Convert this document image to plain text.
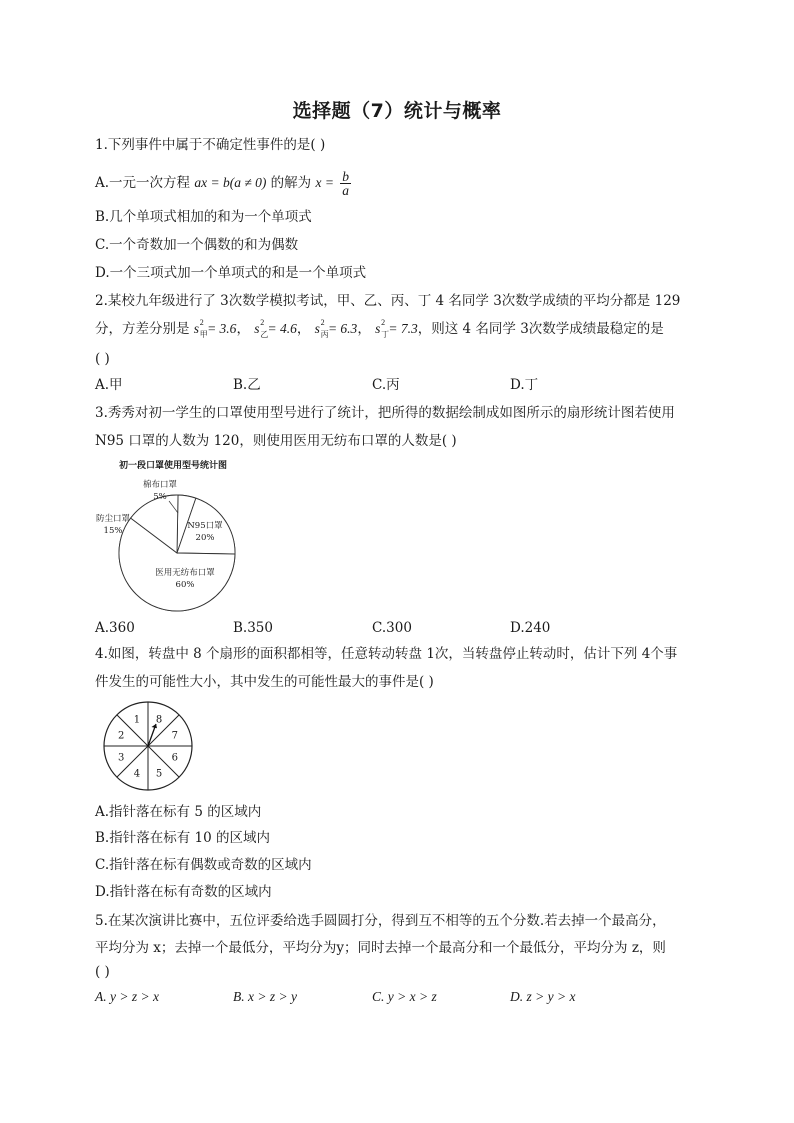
选择题（7）统计与概率
1.下列事件中属于不确定性事件的是( )
A.一元一次方程 ax = b(a ≠ 0) 的解为 $x = \frac{b}{a}$
B.几个单项式相加的和为一个单项式
C.一个奇数加一个偶数的和为偶数
D.一个三项式加一个单项式的和是一个单项式
2.某校九年级进行了 3次数学模拟考试，甲、乙、丙、丁 4 名同学 3次数学成绩的平均分都是 129
分，方差分别是 s 2
甲 = 3.6， s 2
乙 = 4.6， s 2
丙 = 6.3， s 2
丁 = 7.3，则这 4 名同学 3次数学成绩最稳定的是
( )
A.甲	B.乙	C.丙	D.丁
3.秀秀对初一学生的口罩使用型号进行了统计，把所得的数据绘制成如图所示的扇形统计图若使用
N95 口罩的人数为 120，则使用医用无纺布口罩的人数是( )
初一段口罩使用型号统计图
棉布口罩
5%
N95口罩
20%
医用无纺布口罩
60%
防尘口罩
15%
A.360	B.350	C.300	D.240
4.如图，转盘中 8 个扇形的面积都相等，任意转动转盘 1次，当转盘停止转动时，估计下列 4个事
件发生的可能性大小，其中发生的可能性最大的事件是( )
8
7
6
5
4
3
2
1
A.指针落在标有 5 的区域内
B.指针落在标有 10 的区域内
C.指针落在标有偶数或奇数的区域内
D.指针落在标有奇数的区域内
5.在某次演讲比赛中，五位评委给选手圆圆打分，得到互不相等的五个分数.若去掉一个最高分，
平均分为 x；去掉一个最低分，平均分为y；同时去掉一个最高分和一个最低分，平均分为 z，则
( )
A. y > z > x	B. x > z > y	C. y > x > z	D. z > y > x
